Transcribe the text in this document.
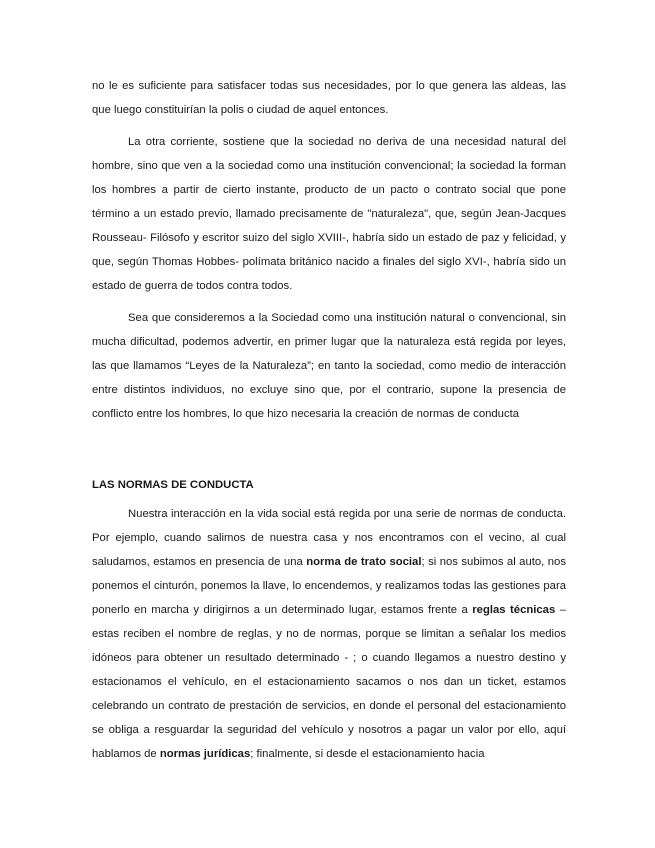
no le es suficiente para satisfacer todas sus necesidades, por lo que genera las aldeas, las que luego constituirían la polis o ciudad de aquel entonces.

La otra corriente, sostiene que la sociedad no deriva de una necesidad natural del hombre, sino que ven a la sociedad como una institución convencional; la sociedad la forman los hombres a partir de cierto instante, producto de un pacto o contrato social que pone término a un estado previo, llamado precisamente de "naturaleza", que, según Jean-Jacques Rousseau- Filósofo y escritor suizo del siglo XVIII-, habría sido un estado de paz y felicidad, y que, según Thomas Hobbes- polímata británico nacido a finales del siglo XVI-, habría sido un estado de guerra de todos contra todos.

Sea que consideremos a la Sociedad como una institución natural o convencional, sin mucha dificultad, podemos advertir, en primer lugar que la naturaleza está regida por leyes, las que llamamos “Leyes de la Naturaleza”; en tanto la sociedad, como medio de interacción entre distintos individuos, no excluye sino que, por el contrario, supone la presencia de conflicto entre los hombres, lo que hizo necesaria la creación de normas de conducta

LAS NORMAS DE CONDUCTA

Nuestra interacción en la vida social está regida por una serie de normas de conducta. Por ejemplo, cuando salimos de nuestra casa y nos encontramos con el vecino, al cual saludamos, estamos en presencia de una norma de trato social; si nos subimos al auto, nos ponemos el cinturón, ponemos la llave, lo encendemos, y realizamos todas las gestiones para ponerlo en marcha y dirigirnos a un determinado lugar, estamos frente a reglas técnicas – estas reciben el nombre de reglas, y no de normas, porque se limitan a señalar los medios idóneos para obtener un resultado determinado - ; o cuando llegamos a nuestro destino y estacionamos el vehículo, en el estacionamiento sacamos o nos dan un ticket, estamos celebrando un contrato de prestación de servicios, en donde el personal del estacionamiento se obliga a resguardar la seguridad del vehículo y nosotros a pagar un valor por ello, aquí hablamos de normas jurídicas; finalmente, si desde el estacionamiento hacia
